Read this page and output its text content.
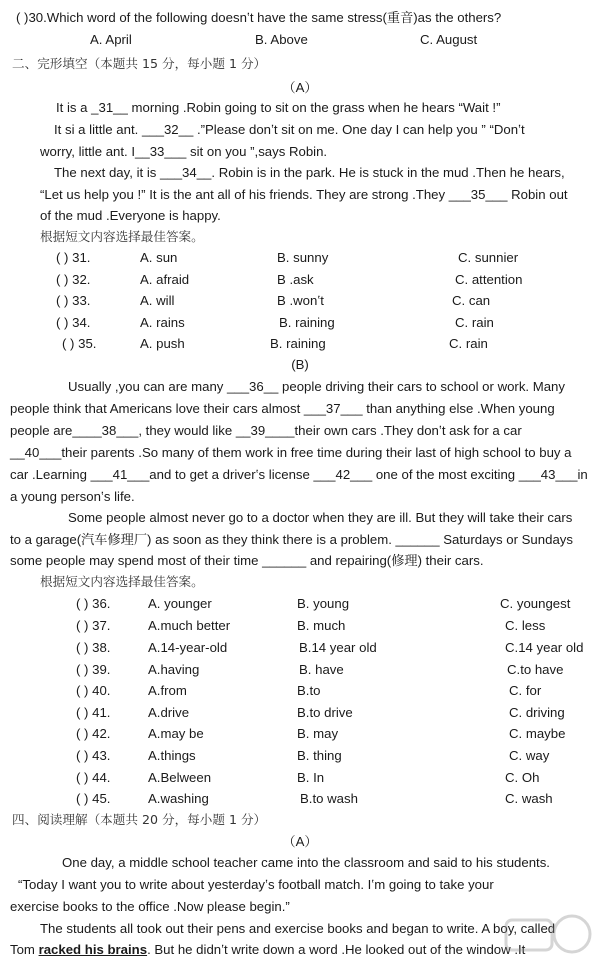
( )30.Which word of the following doesnʽt have the same stress(重音)as the others?
A. April	B. Above	C. August
二、完形填空（本题共 15 分，每小题 1 分）
（A）
It is a _31__ morning .Robin going to sit on the grass when he hears “Wait !”
It si a little ant. ___32__ .”Please donʽt sit on me. One day I can help you ” “Donʽt
worry, little ant. I__33___ sit on you ”,says Robin.
The next day, it is ___34__. Robin is in the park. He is stuck in the mud .Then he hears,
“Let us help you !” It is the ant all of his friends. They are strong .They ___35___ Robin out
of the mud .Everyone is happy.
根据短文内容选择最佳答案。
( ) 31.	A. sun	B. sunny	C. sunnier
( ) 32.	A. afraid	B .ask	C. attention
( ) 33.	A. will	B .wonʽt	C. can
( ) 34.	A. rains	B. raining	C. rain
( ) 35.	A. push	B. raining	C. rain
(B)
Usually ,you can are many ___36__ people driving their cars to school or work. Many
people think that Americans love their cars almost ___37___ than anything else .When young
people are____38___, they would like __39____their own cars .They donʽt ask for a car
__40___their parents .So many of them work in free time during their last of high school to buy a
car .Learning ___41___and to get a driverʽs license ___42___ one of the most exciting ___43___in
a young personʽs life.
Some people almost never go to a doctor when they are ill. But they will take their cars
to a garage(汽车修理厂) as soon as they think there is a problem. ______ Saturdays or Sundays
some people may spend most of their time ______ and repairing(修理) their cars.
根据短文内容选择最佳答案。
( ) 36.	A. younger	B. young	C. youngest
( ) 37.	A.much better	B. much	C. less
( ) 38.	A.14-year-old	B.14 year old	C.14 year old
( ) 39.	A.having	B. have	C.to have
( ) 40.	A.from	B.to	C. for
( ) 41.	A.drive	B.to drive	C. driving
( ) 42.	A.may be	B. may	C. maybe
( ) 43.	A.things	B. thing	C. way
( ) 44.	A.Belween	B. In	C. Oh
( ) 45.	A.washing	B.to wash	C. wash
四、阅读理解（本题共 20 分，每小题 1 分）
（A）
One day, a middle school teacher came into the classroom and said to his students.
“Today I want you to write about yesterdayʽs football match. Iʽm going to take your
exercise books to the office .Now please begin.”
The students all took out their pens and exercise books and began to write. A boy, called
Tom racked his brains. But he didnʽt write down a word .He looked out of the window .It
